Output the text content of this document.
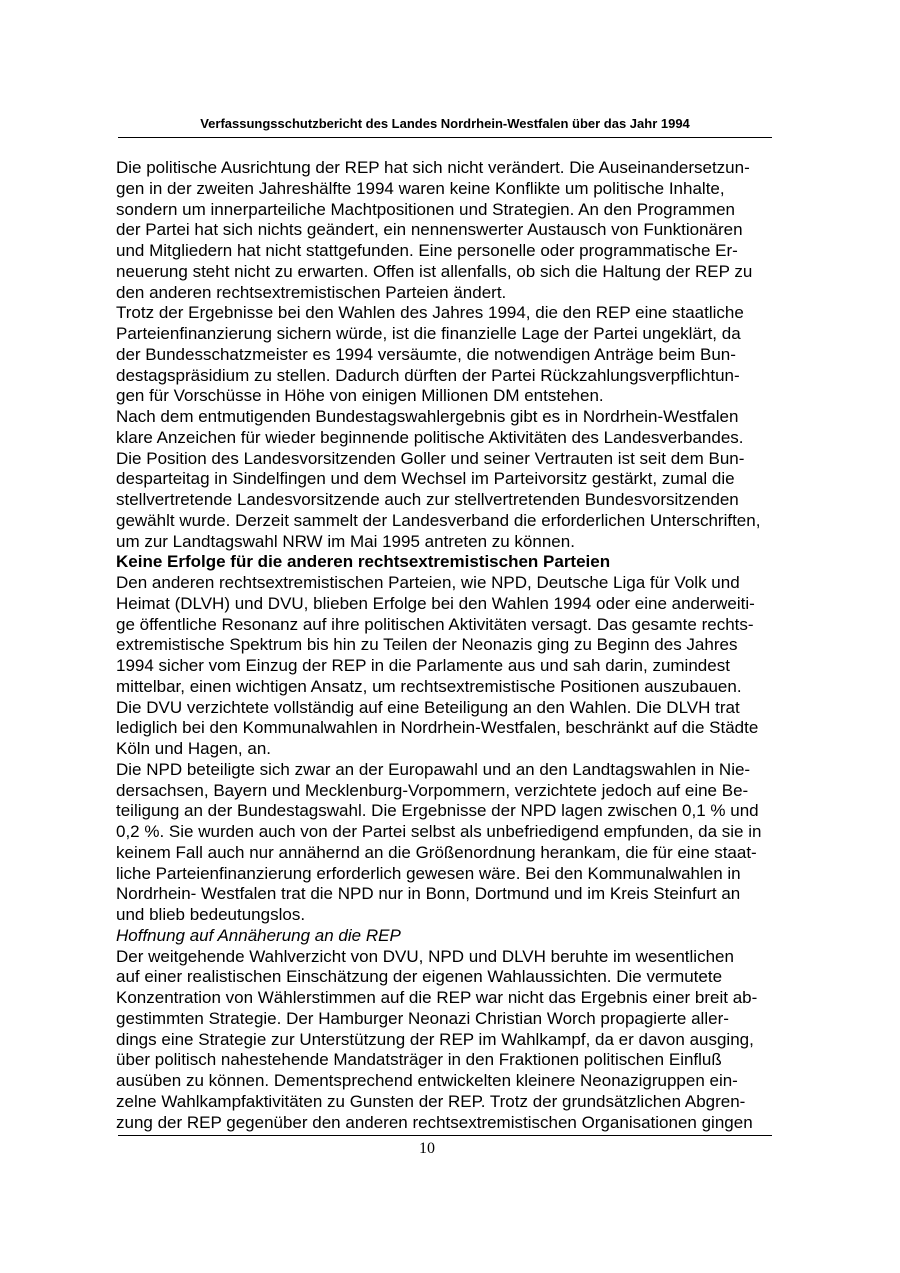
Verfassungsschutzbericht des Landes Nordrhein-Westfalen über das Jahr 1994
Die politische Ausrichtung der REP hat sich nicht verändert. Die Auseinandersetzun-
gen in der zweiten Jahreshälfte 1994 waren keine Konflikte um politische Inhalte,
sondern um innerparteiliche Machtpositionen und Strategien. An den Programmen
der Partei hat sich nichts geändert, ein nennenswerter Austausch von Funktionären
und Mitgliedern hat nicht stattgefunden. Eine personelle oder programmatische Er-
neuerung steht nicht zu erwarten. Offen ist allenfalls, ob sich die Haltung der REP zu
den anderen rechtsextremistischen Parteien ändert.
Trotz der Ergebnisse bei den Wahlen des Jahres 1994, die den REP eine staatliche
Parteienfinanzierung sichern würde, ist die finanzielle Lage der Partei ungeklärt, da
der Bundesschatzmeister es 1994 versäumte, die notwendigen Anträge beim Bun-
destagspräsidium zu stellen. Dadurch dürften der Partei Rückzahlungsverpflichtun-
gen für Vorschüsse in Höhe von einigen Millionen DM entstehen.
Nach dem entmutigenden Bundestagswahlergebnis gibt es in Nordrhein-Westfalen
klare Anzeichen für wieder beginnende politische Aktivitäten des Landesverbandes.
Die Position des Landesvorsitzenden Goller und seiner Vertrauten ist seit dem Bun-
desparteitag in Sindelfingen und dem Wechsel im Parteivorsitz gestärkt, zumal die
stellvertretende Landesvorsitzende auch zur stellvertretenden Bundesvorsitzenden
gewählt wurde. Derzeit sammelt der Landesverband die erforderlichen Unterschriften,
um zur Landtagswahl NRW im Mai 1995 antreten zu können.
Keine Erfolge für die anderen rechtsextremistischen Parteien
Den anderen rechtsextremistischen Parteien, wie NPD, Deutsche Liga für Volk und
Heimat (DLVH) und DVU, blieben Erfolge bei den Wahlen 1994 oder eine anderweiti-
ge öffentliche Resonanz auf ihre politischen Aktivitäten versagt. Das gesamte rechts-
extremistische Spektrum bis hin zu Teilen der Neonazis ging zu Beginn des Jahres
1994 sicher vom Einzug der REP in die Parlamente aus und sah darin, zumindest
mittelbar, einen wichtigen Ansatz, um rechtsextremistische Positionen auszubauen.
Die DVU verzichtete vollständig auf eine Beteiligung an den Wahlen. Die DLVH trat
lediglich bei den Kommunalwahlen in Nordrhein-Westfalen, beschränkt auf die Städte
Köln und Hagen, an.
Die NPD beteiligte sich zwar an der Europawahl und an den Landtagswahlen in Nie-
dersachsen, Bayern und Mecklenburg-Vorpommern, verzichtete jedoch auf eine Be-
teiligung an der Bundestagswahl. Die Ergebnisse der NPD lagen zwischen 0,1 % und
0,2 %. Sie wurden auch von der Partei selbst als unbefriedigend empfunden, da sie in
keinem Fall auch nur annähernd an die Größenordnung herankam, die für eine staat-
liche Parteienfinanzierung erforderlich gewesen wäre. Bei den Kommunalwahlen in
Nordrhein- Westfalen trat die NPD nur in Bonn, Dortmund und im Kreis Steinfurt an
und blieb bedeutungslos.
Hoffnung auf Annäherung an die REP
Der weitgehende Wahlverzicht von DVU, NPD und DLVH beruhte im wesentlichen
auf einer realistischen Einschätzung der eigenen Wahlaussichten. Die vermutete
Konzentration von Wählerstimmen auf die REP war nicht das Ergebnis einer breit ab-
gestimmten Strategie. Der Hamburger Neonazi Christian Worch propagierte aller-
dings eine Strategie zur Unterstützung der REP im Wahlkampf, da er davon ausging,
über politisch nahestehende Mandatsträger in den Fraktionen politischen Einfluß
ausüben zu können. Dementsprechend entwickelten kleinere Neonazigruppen ein-
zelne Wahlkampfaktivitäten zu Gunsten der REP. Trotz der grundsätzlichen Abgren-
zung der REP gegenüber den anderen rechtsextremistischen Organisationen gingen
10
